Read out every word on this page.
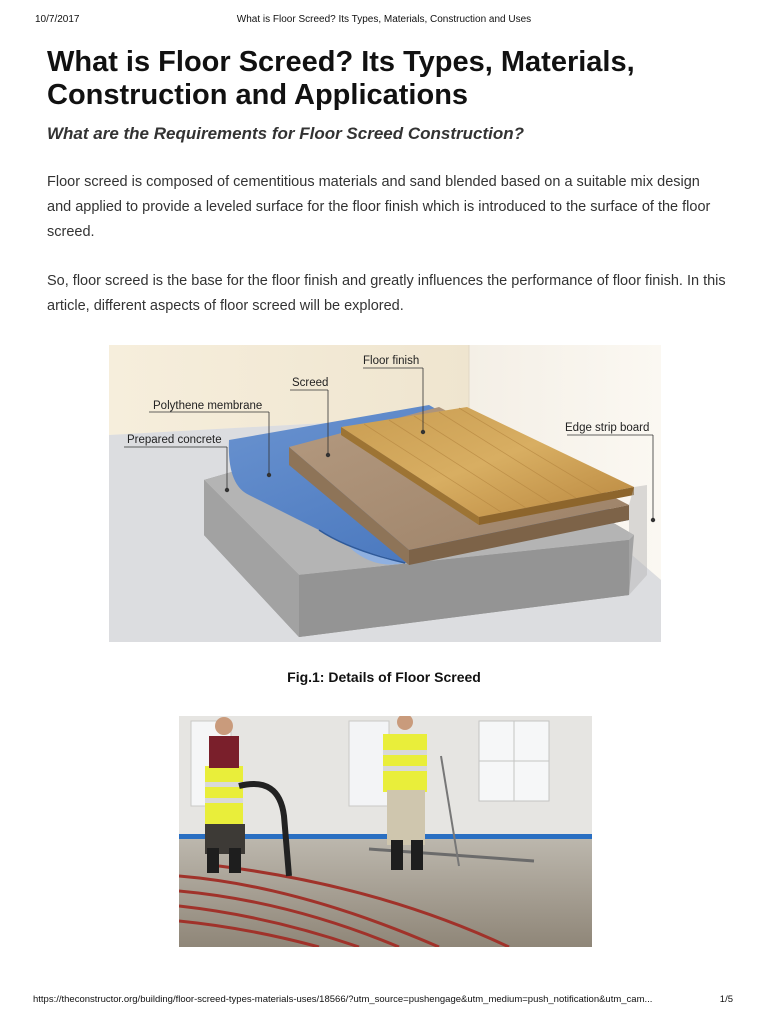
10/7/2017	What is Floor Screed? Its Types, Materials, Construction and Uses
What is Floor Screed? Its Types, Materials, Construction and Applications
What are the Requirements for Floor Screed Construction?

Floor screed is composed of cementitious materials and sand blended based on a suitable mix design and applied to provide a leveled surface for the floor finish which is introduced to the surface of the floor screed.

So, floor screed is the base for the floor finish and greatly influences the performance of floor finish. In this article, different aspects of floor screed will be explored.

Floor finish
Screed
Polythene membrane
Prepared concrete
Edge strip board
Fig.1: Details of Floor Screed
https://theconstructor.org/building/floor-screed-types-materials-uses/18566/?utm_source=pushengage&utm_medium=push_notification&utm_cam...	1/5
